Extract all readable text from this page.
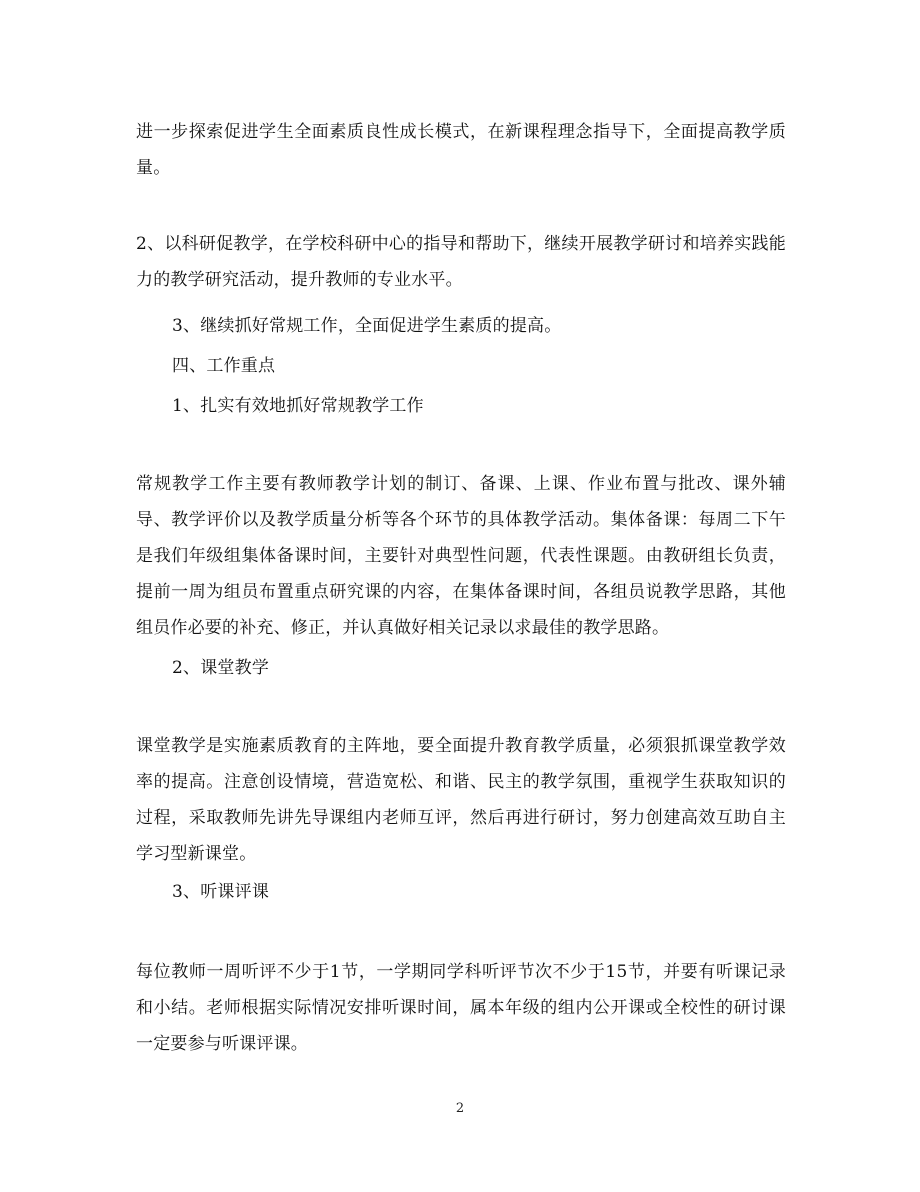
进一步探索促进学生全面素质良性成长模式，在新课程理念指导下，全面提高教学质量。
2、以科研促教学，在学校科研中心的指导和帮助下，继续开展教学研讨和培养实践能力的教学研究活动，提升教师的专业水平。
3、继续抓好常规工作，全面促进学生素质的提高。
四、工作重点
1、扎实有效地抓好常规教学工作
常规教学工作主要有教师教学计划的制订、备课、上课、作业布置与批改、课外辅导、教学评价以及教学质量分析等各个环节的具体教学活动。集体备课：每周二下午是我们年级组集体备课时间，主要针对典型性问题，代表性课题。由教研组长负责，提前一周为组员布置重点研究课的内容，在集体备课时间，各组员说教学思路，其他组员作必要的补充、修正，并认真做好相关记录以求最佳的教学思路。
2、课堂教学
课堂教学是实施素质教育的主阵地，要全面提升教育教学质量，必须狠抓课堂教学效率的提高。注意创设情境，营造宽松、和谐、民主的教学氛围，重视学生获取知识的过程，采取教师先讲先导课组内老师互评，然后再进行研讨，努力创建高效互助自主学习型新课堂。
3、听课评课
每位教师一周听评不少于1节，一学期同学科听评节次不少于15节，并要有听课记录和小结。老师根据实际情况安排听课时间，属本年级的组内公开课或全校性的研讨课一定要参与听课评课。
2
